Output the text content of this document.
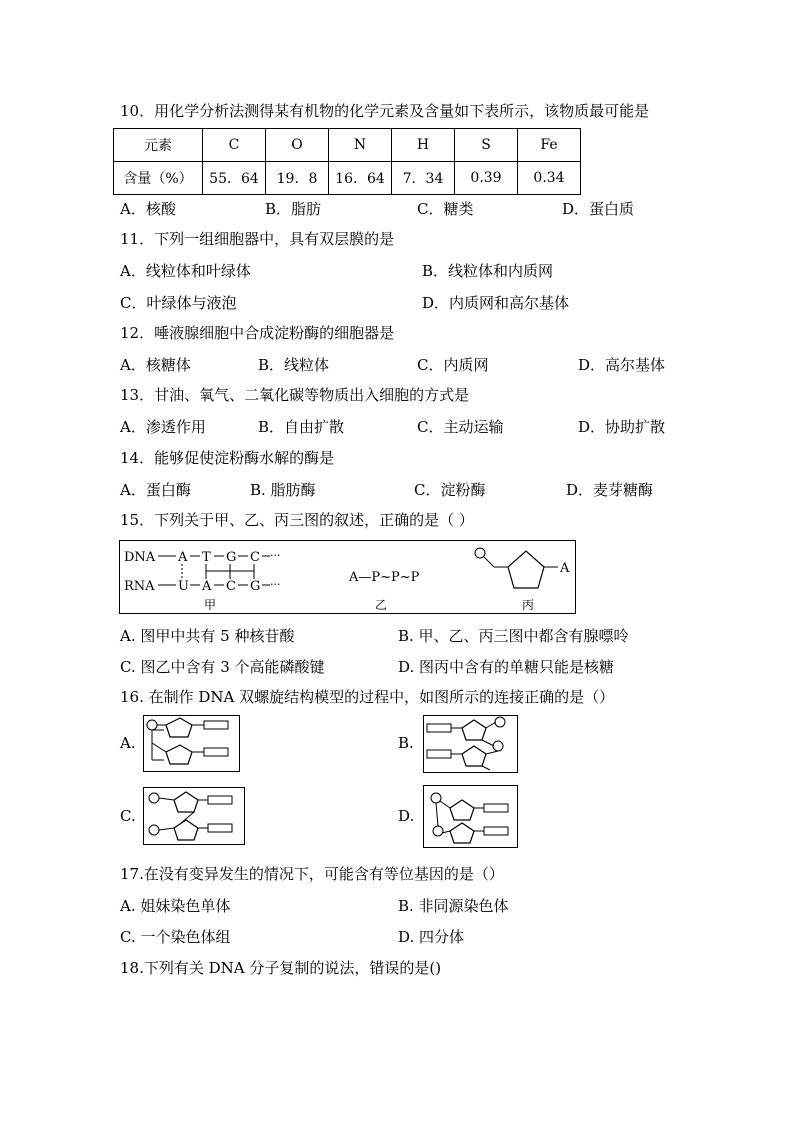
10．用化学分析法测得某有机物的化学元素及含量如下表所示，该物质最可能是
元素	C	O	N	H	S	Fe
含量（%）	55．64	19．8	16．64	7．34	0.39	0.34
A．核酸	B．脂肪	C．糖类	D．蛋白质
11．下列一组细胞器中，具有双层膜的是
A．线粒体和叶绿体	B．线粒体和内质网
C．叶绿体与液泡	D．内质网和高尔基体
12．唾液腺细胞中合成淀粉酶的细胞器是
A．核糖体	B．线粒体	C．内质网	D．高尔基体
13．甘油、氧气、二氧化碳等物质出入细胞的方式是
A．渗透作用	B．自由扩散	C．主动运输	D．协助扩散
14．能够促使淀粉酶水解的酶是
A．蛋白酶	B. 脂肪酶	C．淀粉酶	D．麦芽糖酶
15．下列关于甲、乙、丙三图的叙述，正确的是（ ）
DNA A T G C ···
RNA U A C G ···
甲
A—P~P~P
乙
A
丙
A. 图甲中共有 5 种核苷酸	B. 甲、乙、丙三图中都含有腺嘌呤
C. 图乙中含有 3 个高能磷酸键	D. 图丙中含有的单糖只能是核糖
16. 在制作 DNA 双螺旋结构模型的过程中，如图所示的连接正确的是（）
A.	B.
C.	D.
17.在没有变异发生的情况下，可能含有等位基因的是（）
A. 姐妹染色单体	B. 非同源染色体
C. 一个染色体组	D. 四分体
18.下列有关 DNA 分子复制的说法，错误的是()
